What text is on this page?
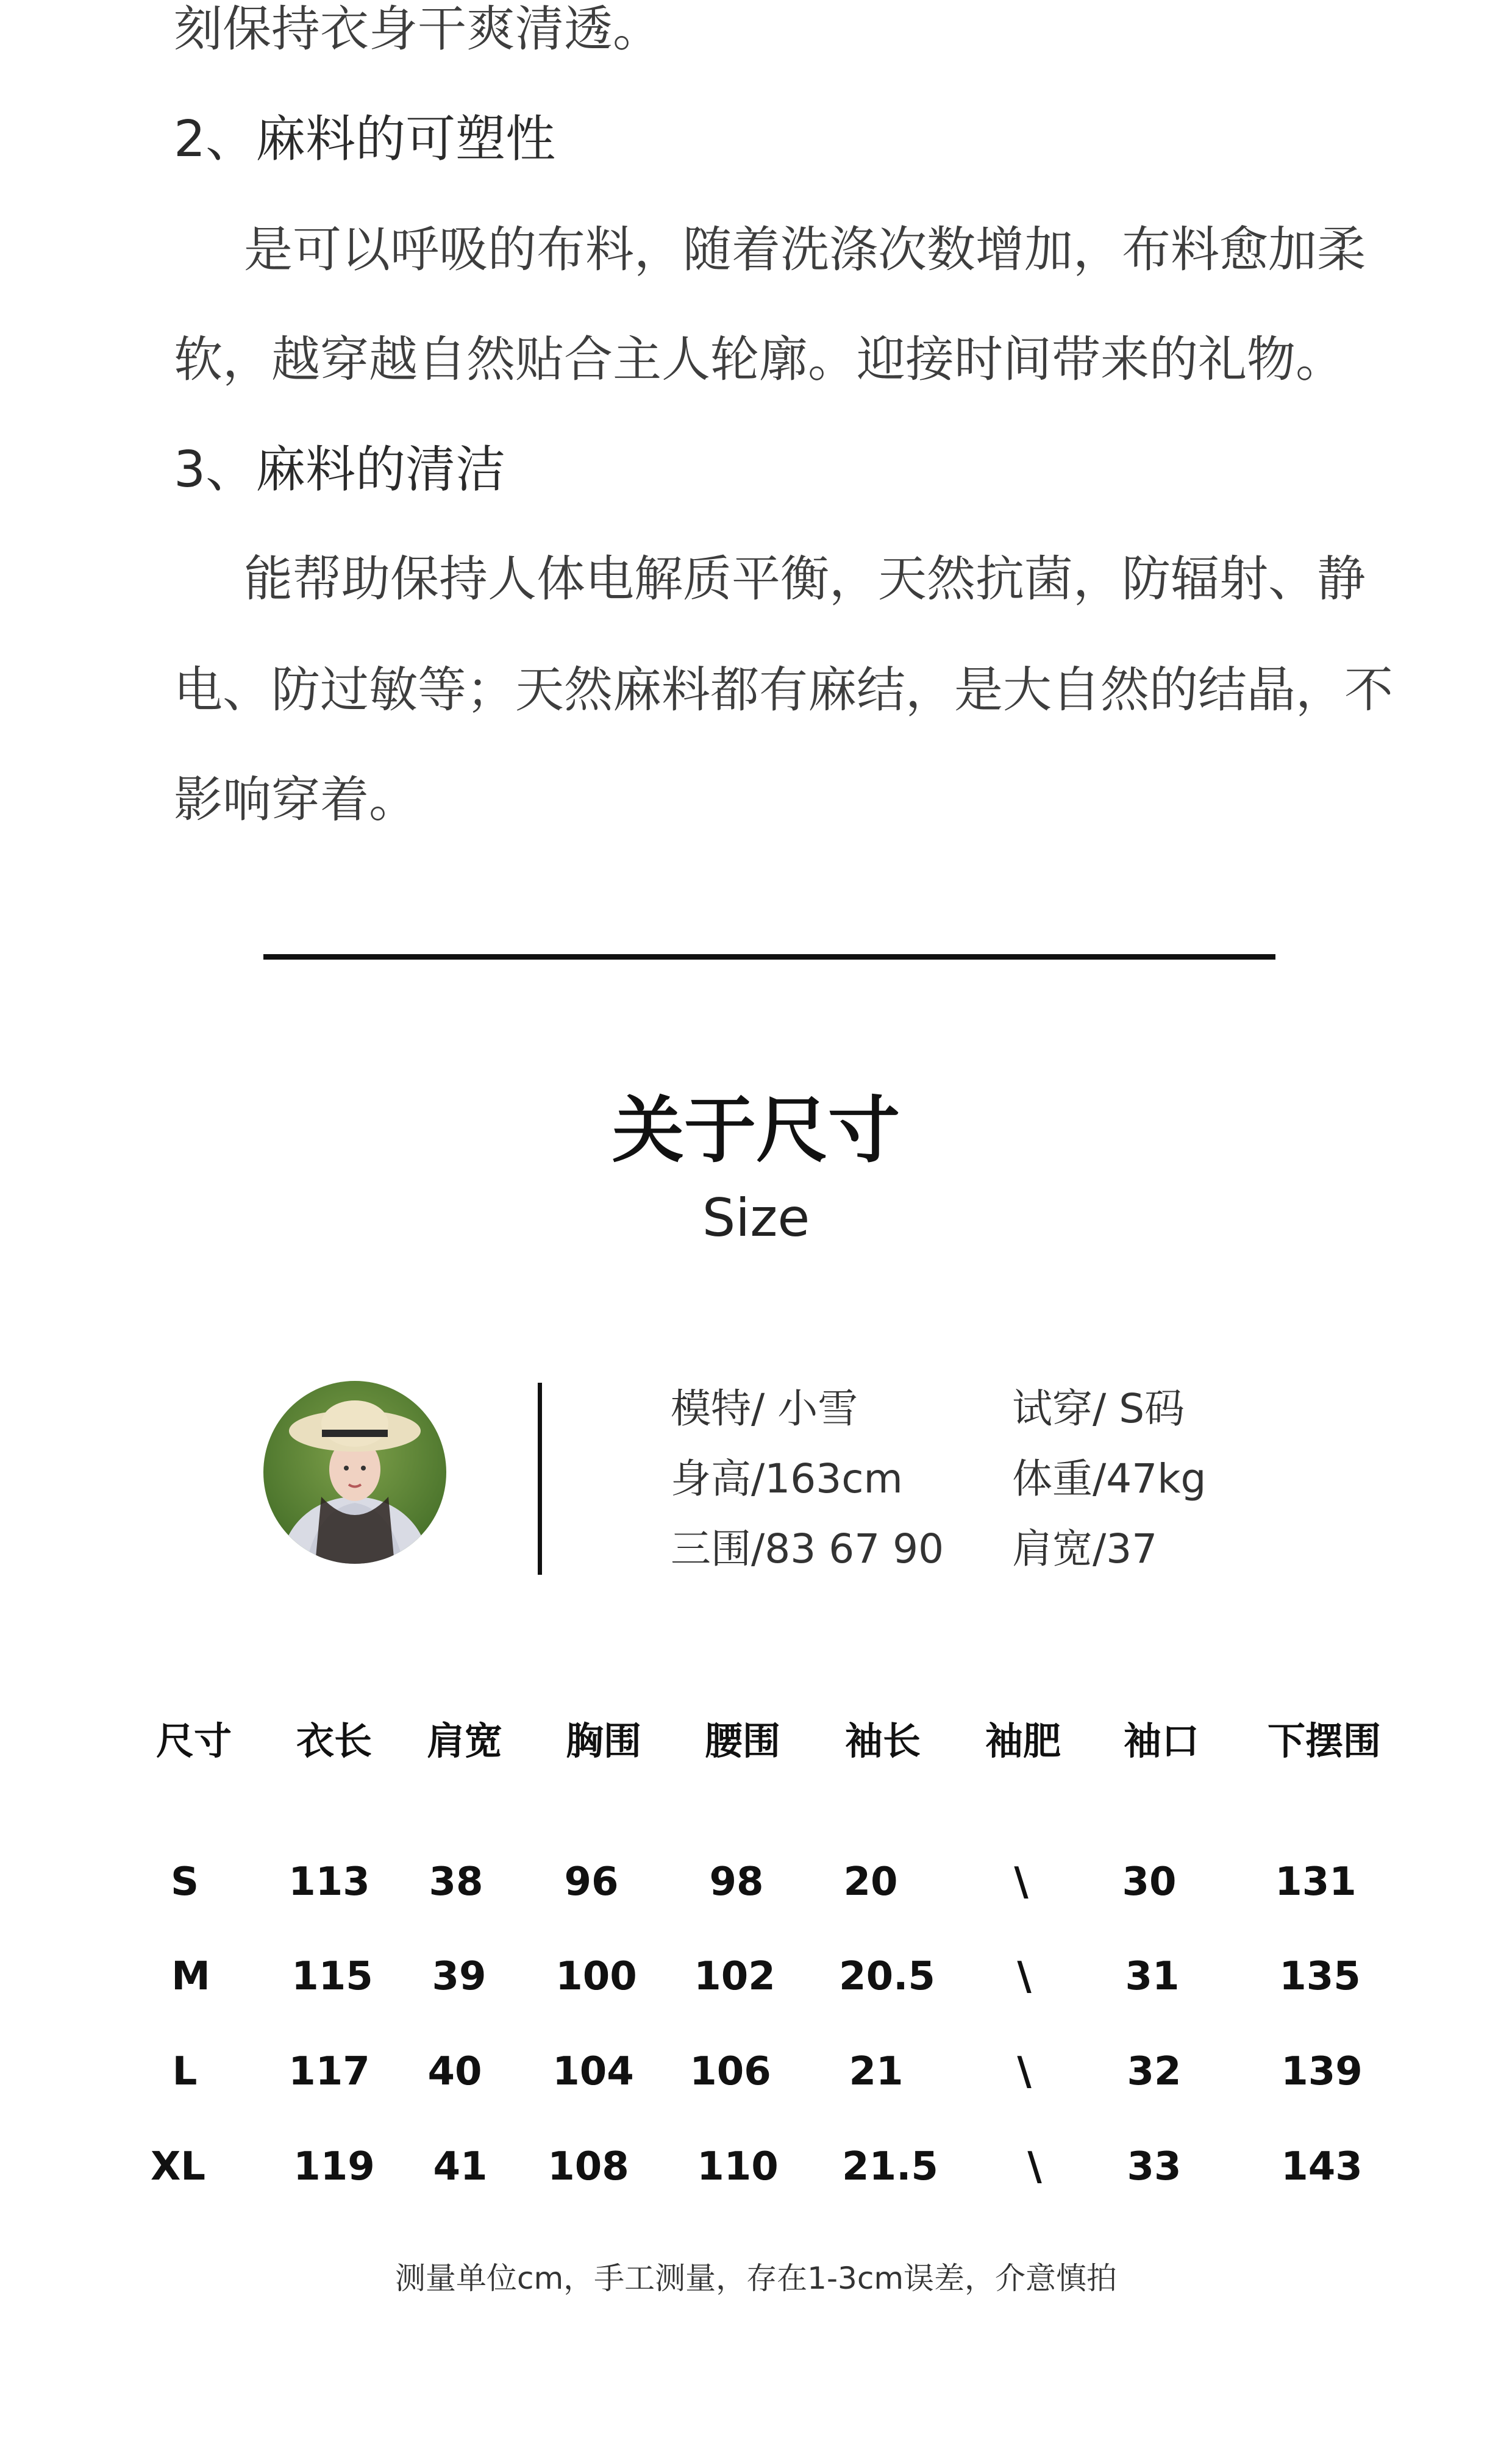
刻保持衣身干爽清透。
2、麻料的可塑性
是可以呼吸的布料，随着洗涤次数增加，布料愈加柔
软，越穿越自然贴合主人轮廓。迎接时间带来的礼物。
3、麻料的清洁
能帮助保持人体电解质平衡，天然抗菌，防辐射、静
电、防过敏等；天然麻料都有麻结，是大自然的结晶，不
影响穿着。
关于尺寸
Size
模特/ 小雪	试穿/ S码
身高/163cm	体重/47kg
三围/83 67 90 肩宽/37
尺寸 衣长 肩宽 胸围 腰围 袖长 袖肥 袖口 下摆围
S 113 38 96 98 20	\ 30	131
M 115 39 100 102 20.5 \ 31	135
L 117 40 104 106 21	\ 32	139
XL 119 41 108 110 21.5 \ 33	143
测量单位cm，手工测量，存在1-3cm误差，介意慎拍
